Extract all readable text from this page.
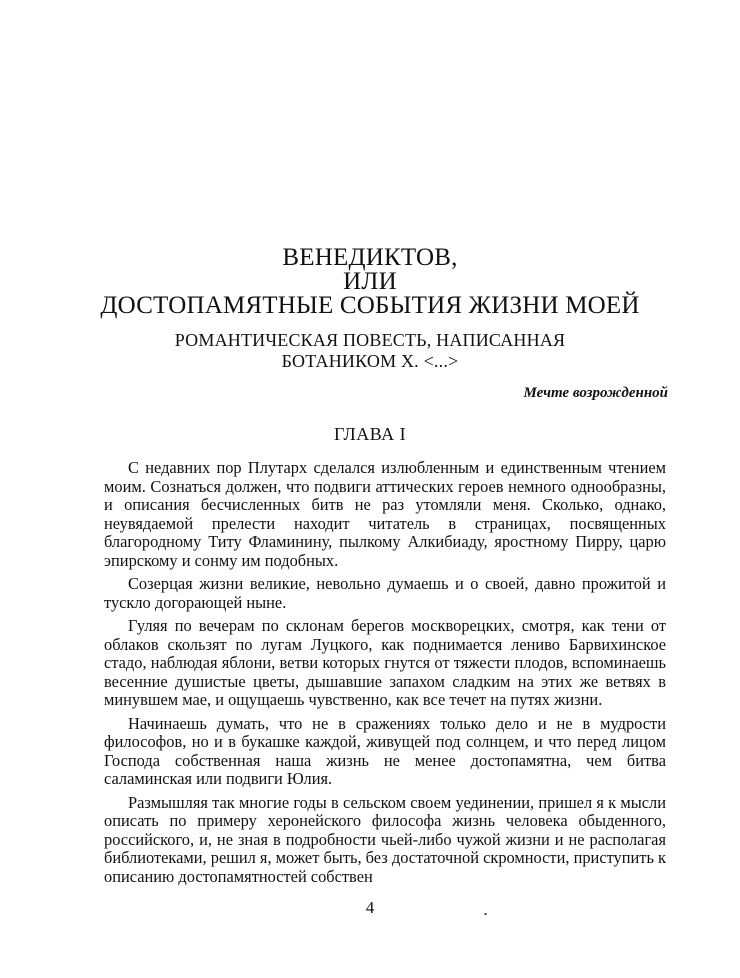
ВЕНЕДИКТОВ,
ИЛИ
ДОСТОПАМЯТНЫЕ СОБЫТИЯ ЖИЗНИ МОЕЙ
РОМАНТИЧЕСКАЯ ПОВЕСТЬ, НАПИСАННАЯ
БОТАНИКОМ Х. <...>
Мечте возрожденной
ГЛАВА I

С недавних пор Плутарх сделался излюбленным и единственным чтением моим. Сознаться должен, что подвиги аттических героев немного однообразны, и описания бесчисленных битв не раз утомляли меня. Сколько, однако, неувядаемой прелести находит читатель в страницах, посвященных благородному Титу Фламинину, пылкому Алкибиаду, яростному Пирру, царю эпирскому и сонму им подобных.

Созерцая жизни великие, невольно думаешь и о своей, давно прожитой и тускло догорающей ныне.

Гуляя по вечерам по склонам берегов москворецких, смотря, как тени от облаков скользят по лугам Луцкого, как поднимается лениво Барвихинское стадо, наблюдая яблони, ветви которых гнутся от тяжести плодов, вспоминаешь весенние душистые цветы, дышавшие запахом сладким на этих же ветвях в минувшем мае, и ощущаешь чувственно, как все течет на путях жизни.

Начинаешь думать, что не в сражениях только дело и не в мудрости философов, но и в букашке каждой, живущей под солнцем, и что перед лицом Господа собственная наша жизнь не менее достопамятна, чем битва саламинская или подвиги Юлия.

Размышляя так многие годы в сельском своем уединении, пришел я к мысли описать по примеру херонейского философа жизнь человека обыденного, российского, и, не зная в подробности чьей-либо чужой жизни и не располагая библиотеками, решил я, может быть, без достаточной скромности, приступить к описанию достопамятностей собствен

4
